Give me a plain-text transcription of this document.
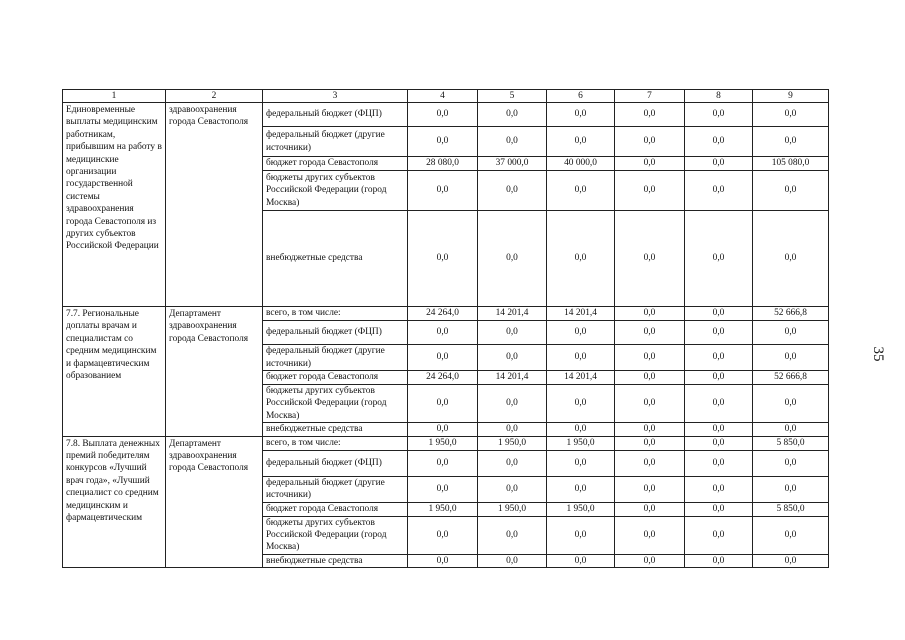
35
1	2	3	4	5	6	7	8	9
Единовременные выплаты медицинским работникам, прибывшим на работу в медицинские организации государственной системы здравоохранения города Севастополя из других субъектов Российской Федерации	здравоохранения города Севастополя	федеральный бюджет (ФЦП)	0,0	0,0	0,0	0,0	0,0	0,0
		федеральный бюджет (другие источники)	0,0	0,0	0,0	0,0	0,0	0,0
		бюджет города Севастополя	28 080,0	37 000,0	40 000,0	0,0	0,0	105 080,0
		бюджеты других субъектов Российской Федерации (город Москва)	0,0	0,0	0,0	0,0	0,0	0,0
		внебюджетные средства	0,0	0,0	0,0	0,0	0,0	0,0
7.7. Региональные доплаты врачам и специалистам со средним медицинским и фармацевтическим образованием	Департамент здравоохранения города Севастополя	всего, в том числе:	24 264,0	14 201,4	14 201,4	0,0	0,0	52 666,8
		федеральный бюджет (ФЦП)	0,0	0,0	0,0	0,0	0,0	0,0
		федеральный бюджет (другие источники)	0,0	0,0	0,0	0,0	0,0	0,0
		бюджет города Севастополя	24 264,0	14 201,4	14 201,4	0,0	0,0	52 666,8
		бюджеты других субъектов Российской Федерации (город Москва)	0,0	0,0	0,0	0,0	0,0	0,0
		внебюджетные средства	0,0	0,0	0,0	0,0	0,0	0,0
7.8. Выплата денежных премий победителям конкурсов «Лучший врач года», «Лучший специалист со средним медицинским и фармацевтическим	Департамент здравоохранения города Севастополя	всего, в том числе:	1 950,0	1 950,0	1 950,0	0,0	0,0	5 850,0
		федеральный бюджет (ФЦП)	0,0	0,0	0,0	0,0	0,0	0,0
		федеральный бюджет (другие источники)	0,0	0,0	0,0	0,0	0,0	0,0
		бюджет города Севастополя	1 950,0	1 950,0	1 950,0	0,0	0,0	5 850,0
		бюджеты других субъектов Российской Федерации (город Москва)	0,0	0,0	0,0	0,0	0,0	0,0
		внебюджетные средства	0,0	0,0	0,0	0,0	0,0	0,0
